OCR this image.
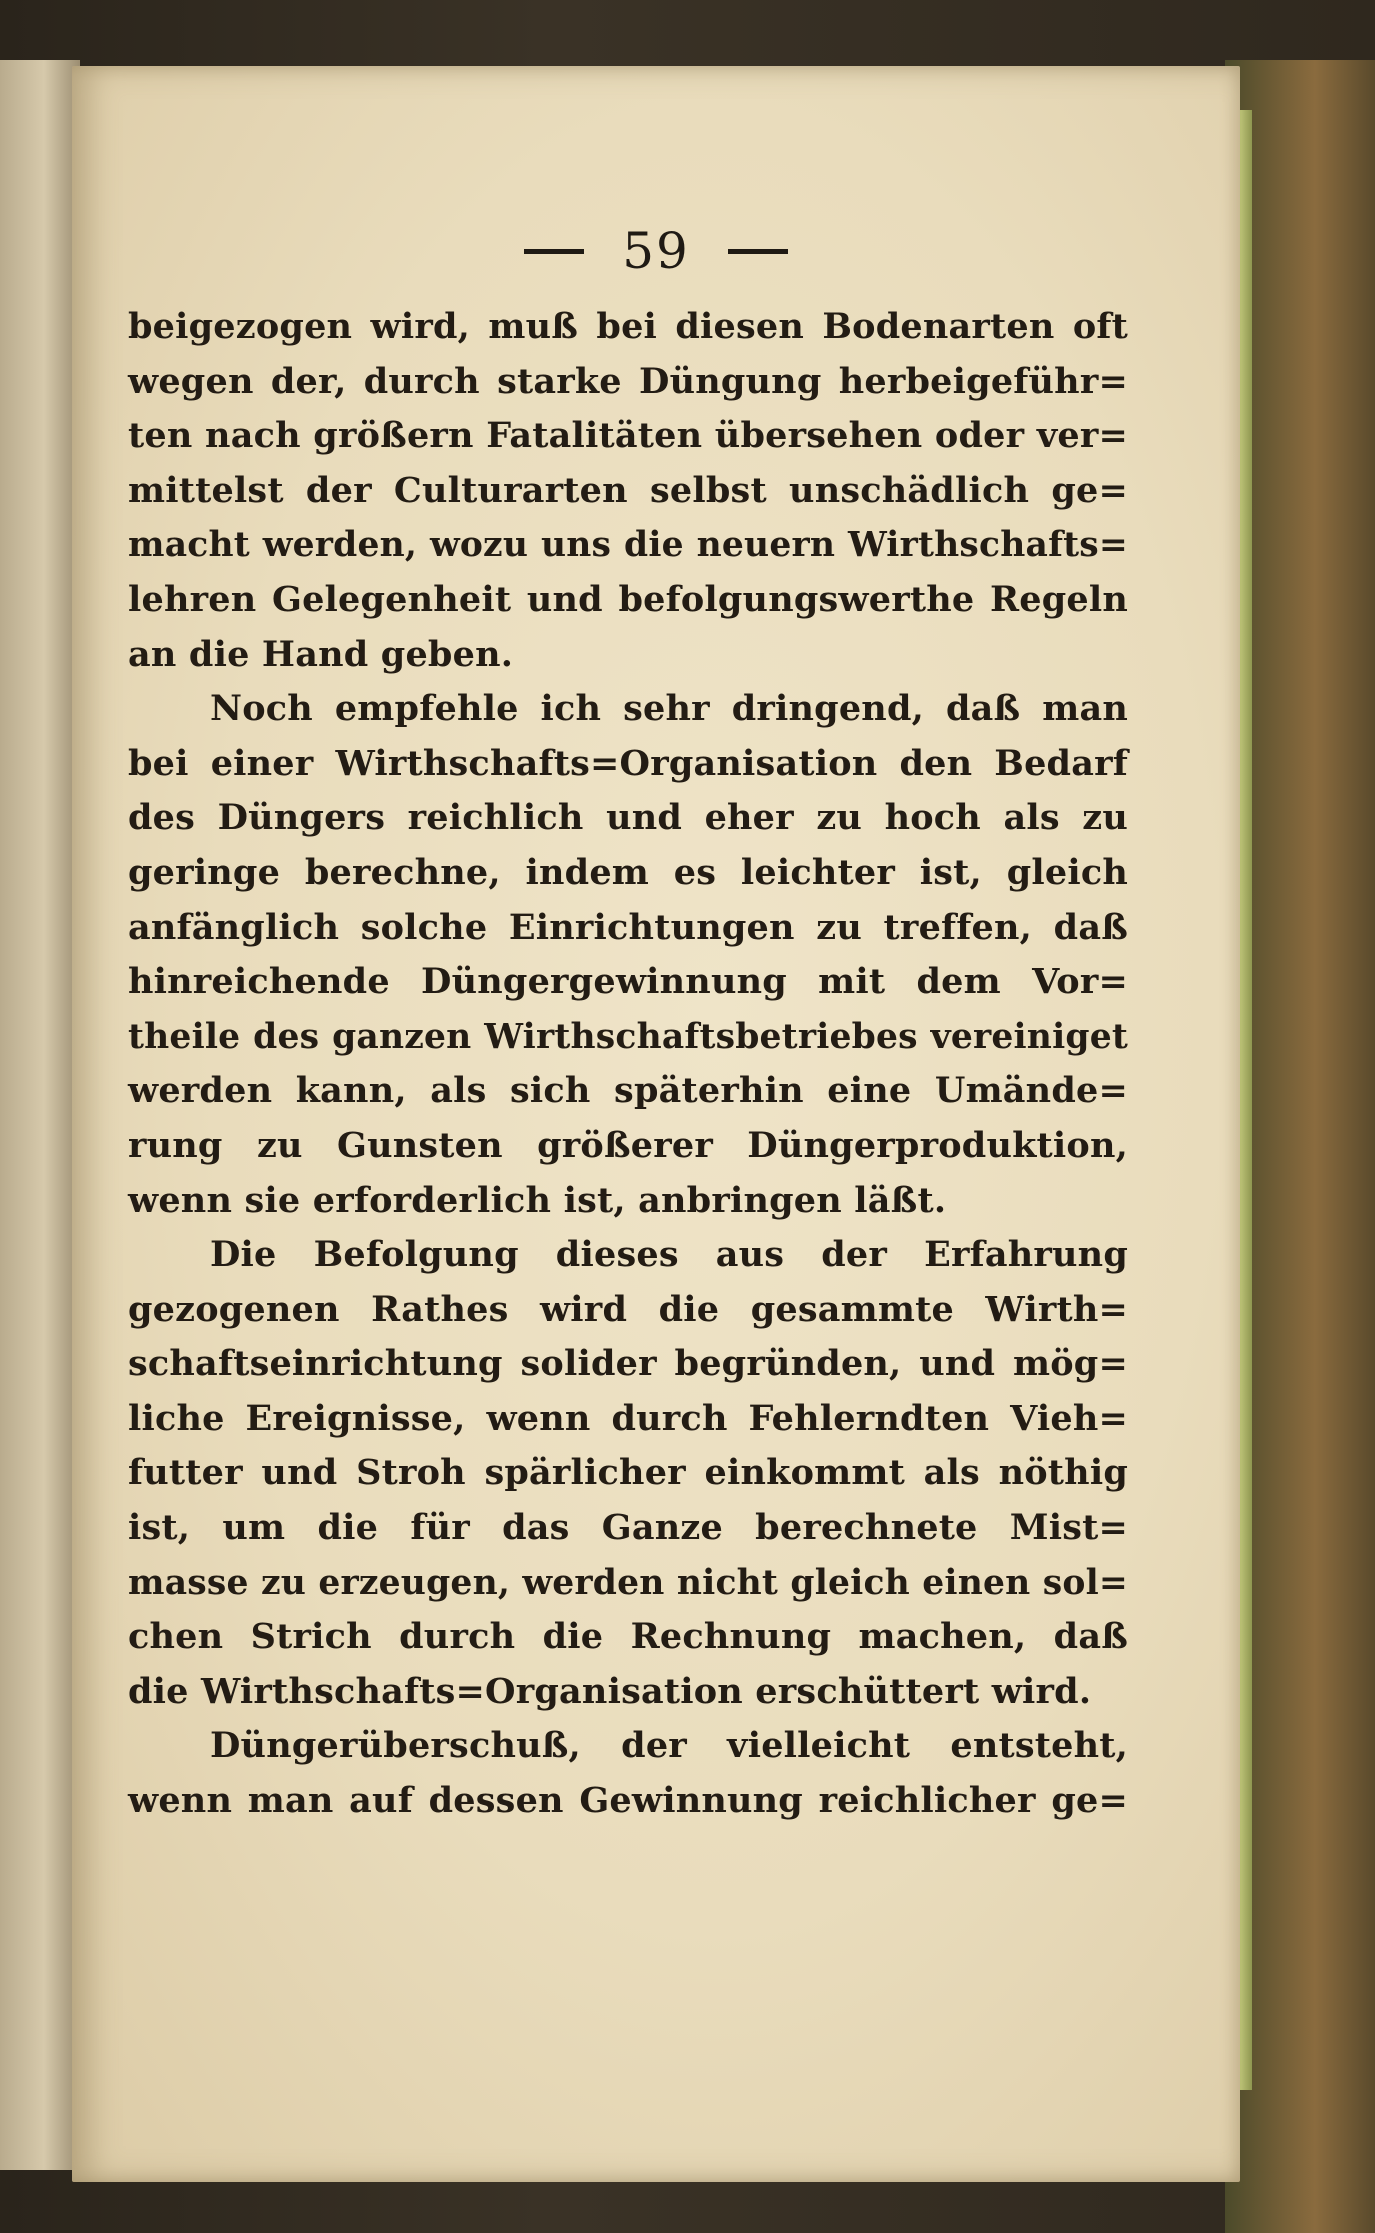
59
beigezogen wird, muß bei diesen Bodenarten oft
wegen der, durch starke Düngung herbeigeführ=
ten nach größern Fatalitäten übersehen oder ver=
mittelst der Culturarten selbst unschädlich ge=
macht werden, wozu uns die neuern Wirthschafts=
lehren Gelegenheit und befolgungswerthe Regeln
an die Hand geben.
Noch empfehle ich sehr dringend, daß man
bei einer Wirthschafts=Organisation den Bedarf
des Düngers reichlich und eher zu hoch als zu
geringe berechne, indem es leichter ist, gleich
anfänglich solche Einrichtungen zu treffen, daß
hinreichende Düngergewinnung mit dem Vor=
theile des ganzen Wirthschaftsbetriebes vereiniget
werden kann, als sich späterhin eine Umände=
rung zu Gunsten größerer Düngerproduktion,
wenn sie erforderlich ist, anbringen läßt.
Die Befolgung dieses aus der Erfahrung
gezogenen Rathes wird die gesammte Wirth=
schaftseinrichtung solider begründen, und mög=
liche Ereignisse, wenn durch Fehlerndten Vieh=
futter und Stroh spärlicher einkommt als nöthig
ist, um die für das Ganze berechnete Mist=
masse zu erzeugen, werden nicht gleich einen sol=
chen Strich durch die Rechnung machen, daß
die Wirthschafts=Organisation erschüttert wird.
Düngerüberschuß, der vielleicht entsteht,
wenn man auf dessen Gewinnung reichlicher ge=
